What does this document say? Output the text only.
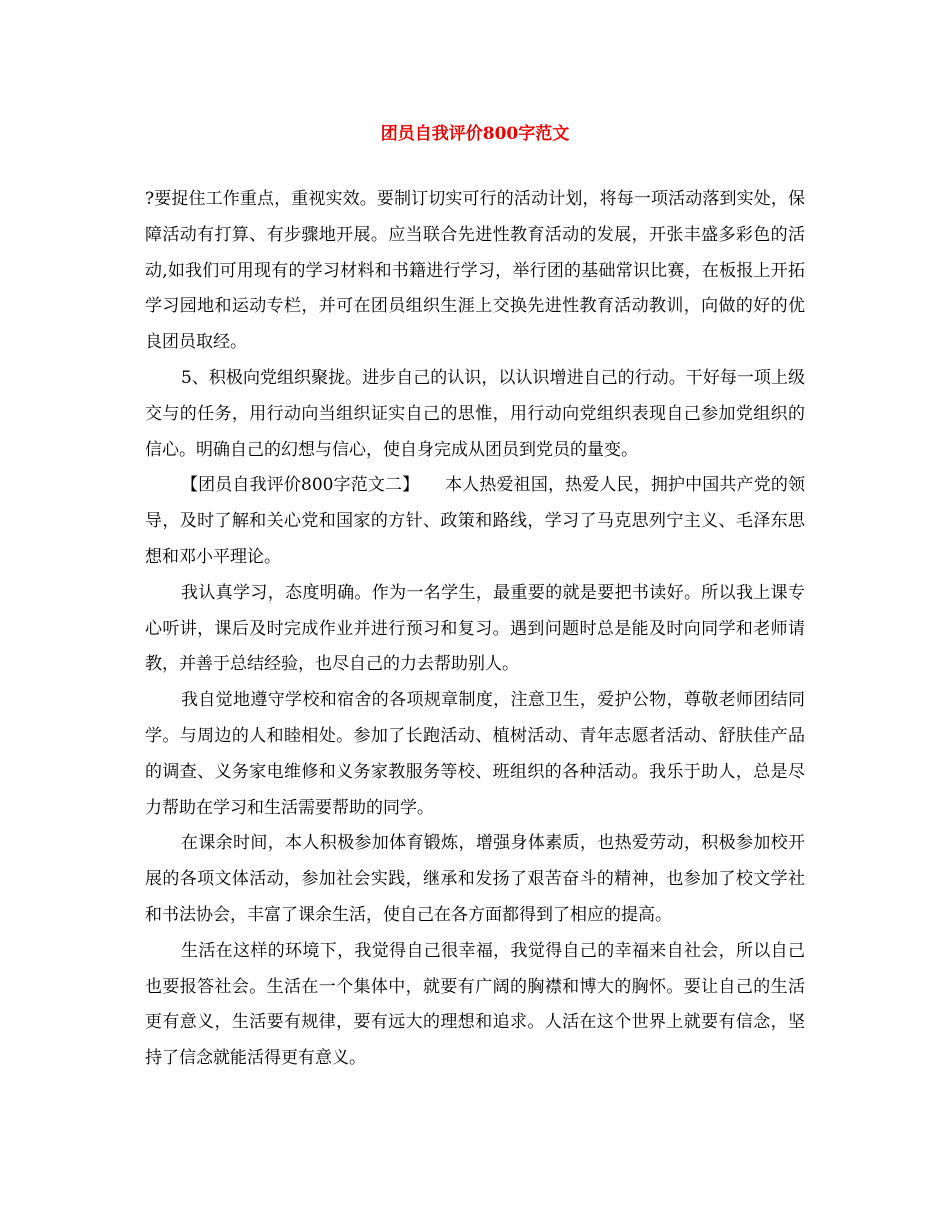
团员自我评价800字范文

?要捉住工作重点，重视实效。要制订切实可行的活动计划，将每一项活动落到实处，保障活动有打算、有步骤地开展。应当联合先进性教育活动的发展，开张丰盛多彩色的活动,如我们可用现有的学习材料和书籍进行学习，举行团的基础常识比赛，在板报上开拓学习园地和运动专栏，并可在团员组织生涯上交换先进性教育活动教训，向做的好的优良团员取经。

5、积极向党组织聚拢。进步自己的认识，以认识增进自己的行动。干好每一项上级交与的任务，用行动向当组织证实自己的思惟，用行动向党组织表现自己参加党组织的信心。明确自己的幻想与信心，使自身完成从团员到党员的量变。

【团员自我评价800字范文二】　　本人热爱祖国，热爱人民，拥护中国共产党的领导，及时了解和关心党和国家的方针、政策和路线，学习了马克思列宁主义、毛泽东思想和邓小平理论。

我认真学习，态度明确。作为一名学生，最重要的就是要把书读好。所以我上课专心听讲，课后及时完成作业并进行预习和复习。遇到问题时总是能及时向同学和老师请教，并善于总结经验，也尽自己的力去帮助别人。

我自觉地遵守学校和宿舍的各项规章制度，注意卫生，爱护公物，尊敬老师团结同学。与周边的人和睦相处。参加了长跑活动、植树活动、青年志愿者活动、舒肤佳产品的调查、义务家电维修和义务家教服务等校、班组织的各种活动。我乐于助人，总是尽力帮助在学习和生活需要帮助的同学。

在课余时间，本人积极参加体育锻炼，增强身体素质，也热爱劳动，积极参加校开展的各项文体活动，参加社会实践，继承和发扬了艰苦奋斗的精神，也参加了校文学社和书法协会，丰富了课余生活，使自己在各方面都得到了相应的提高。

生活在这样的环境下，我觉得自己很幸福，我觉得自己的幸福来自社会，所以自己也要报答社会。生活在一个集体中，就要有广阔的胸襟和博大的胸怀。要让自己的生活更有意义，生活要有规律，要有远大的理想和追求。人活在这个世界上就要有信念，坚持了信念就能活得更有意义。
